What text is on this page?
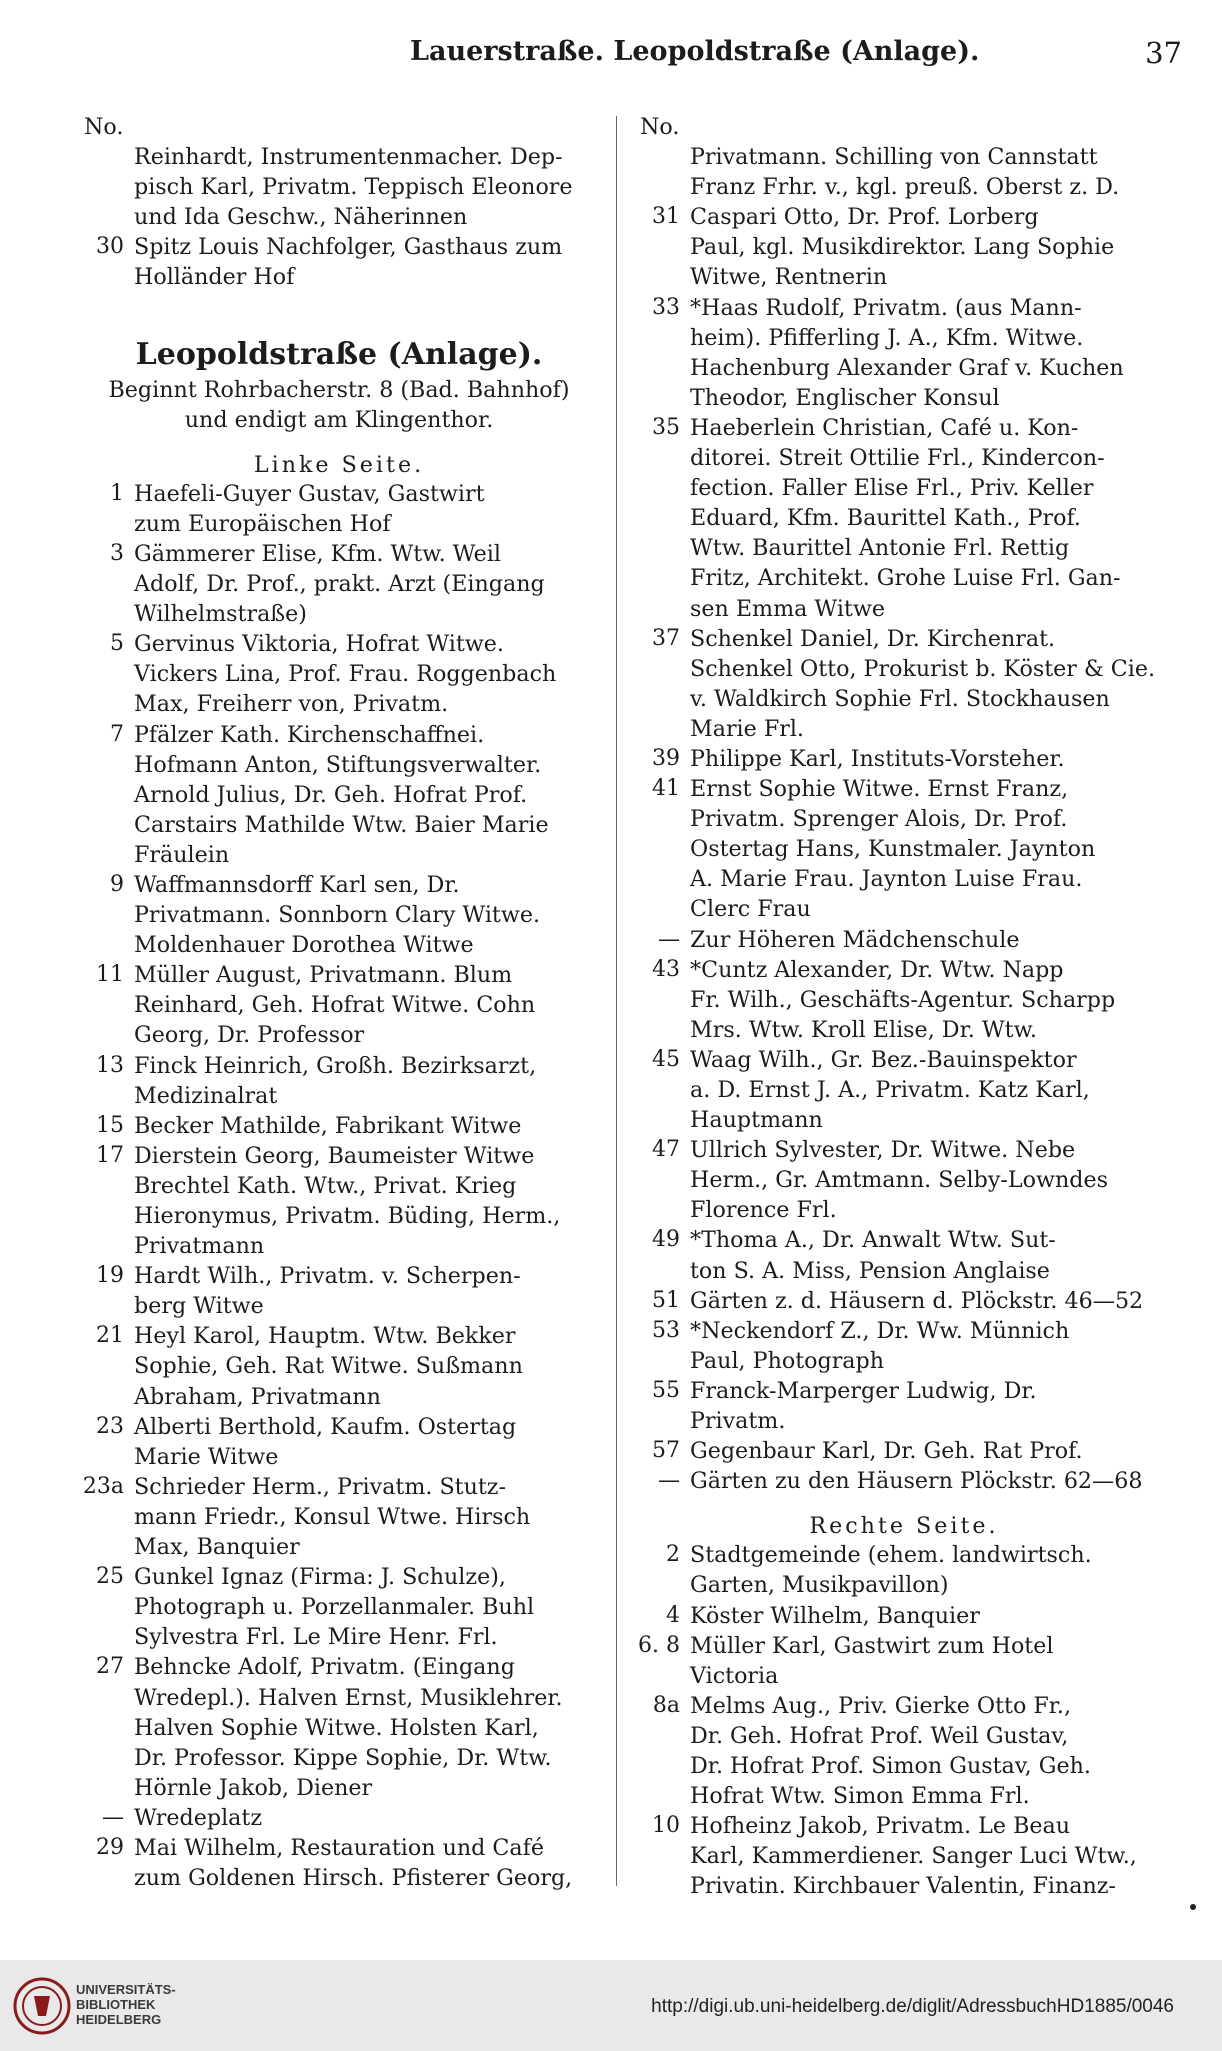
Lauerstraße. Leopoldstraße (Anlage).	37
No.
Reinhardt, Instrumentenmacher. Dep-
pisch Karl, Privatm. Teppisch Eleonore
und Ida Geschw., Näherinnen
30 Spitz Louis Nachfolger, Gasthaus zum
Holländer Hof
Leopoldstraße (Anlage).
Beginnt Rohrbacherstr. 8 (Bad. Bahnhof)
und endigt am Klingenthor.
Linke Seite.
1 Haefeli-Guyer Gustav, Gastwirt
zum Europäischen Hof
3 Gämmerer Elise, Kfm. Wtw. Weil
Adolf, Dr. Prof., prakt. Arzt (Eingang
Wilhelmstraße)
5 Gervinus Viktoria, Hofrat Witwe.
Vickers Lina, Prof. Frau. Roggenbach
Max, Freiherr von, Privatm.
7 Pfälzer Kath. Kirchenschaffnei.
Hofmann Anton, Stiftungsverwalter.
Arnold Julius, Dr. Geh. Hofrat Prof.
Carstairs Mathilde Wtw. Baier Marie
Fräulein
9 Waffmannsdorff Karl sen, Dr.
Privatmann. Sonnborn Clary Witwe.
Moldenhauer Dorothea Witwe
11 Müller August, Privatmann. Blum
Reinhard, Geh. Hofrat Witwe. Cohn
Georg, Dr. Professor
13 Finck Heinrich, Großh. Bezirksarzt,
Medizinalrat
15 Becker Mathilde, Fabrikant Witwe
17 Dierstein Georg, Baumeister Witwe
Brechtel Kath. Wtw., Privat. Krieg
Hieronymus, Privatm. Büding, Herm.,
Privatmann
19 Hardt Wilh., Privatm. v. Scherpen-
berg Witwe
21 Heyl Karol, Hauptm. Wtw. Bekker
Sophie, Geh. Rat Witwe. Sußmann
Abraham, Privatmann
23 Alberti Berthold, Kaufm. Ostertag
Marie Witwe
23a Schrieder Herm., Privatm. Stutz-
mann Friedr., Konsul Wtwe. Hirsch
Max, Banquier
25 Gunkel Ignaz (Firma: J. Schulze),
Photograph u. Porzellanmaler. Buhl
Sylvestra Frl. Le Mire Henr. Frl.
27 Behncke Adolf, Privatm. (Eingang
Wredepl.). Halven Ernst, Musiklehrer.
Halven Sophie Witwe. Holsten Karl,
Dr. Professor. Kippe Sophie, Dr. Wtw.
Hörnle Jakob, Diener
— Wredeplatz
29 Mai Wilhelm, Restauration und Café
zum Goldenen Hirsch. Pfisterer Georg,
No.
Privatmann. Schilling von Cannstatt
Franz Frhr. v., kgl. preuß. Oberst z. D.
31 Caspari Otto, Dr. Prof. Lorberg
Paul, kgl. Musikdirektor. Lang Sophie
Witwe, Rentnerin
33 *Haas Rudolf, Privatm. (aus Mann-
heim). Pfifferling J. A., Kfm. Witwe.
Hachenburg Alexander Graf v. Kuchen
Theodor, Englischer Konsul
35 Haeberlein Christian, Café u. Kon-
ditorei. Streit Ottilie Frl., Kindercon-
fection. Faller Elise Frl., Priv. Keller
Eduard, Kfm. Baurittel Kath., Prof.
Wtw. Baurittel Antonie Frl. Rettig
Fritz, Architekt. Grohe Luise Frl. Gan-
sen Emma Witwe
37 Schenkel Daniel, Dr. Kirchenrat.
Schenkel Otto, Prokurist b. Köster & Cie.
v. Waldkirch Sophie Frl. Stockhausen
Marie Frl.
39 Philippe Karl, Instituts-Vorsteher.
41 Ernst Sophie Witwe. Ernst Franz,
Privatm. Sprenger Alois, Dr. Prof.
Ostertag Hans, Kunstmaler. Jaynton
A. Marie Frau. Jaynton Luise Frau.
Clerc Frau
— Zur Höheren Mädchenschule
43 *Cuntz Alexander, Dr. Wtw. Napp
Fr. Wilh., Geschäfts-Agentur. Scharpp
Mrs. Wtw. Kroll Elise, Dr. Wtw.
45 Waag Wilh., Gr. Bez.-Bauinspektor
a. D. Ernst J. A., Privatm. Katz Karl,
Hauptmann
47 Ullrich Sylvester, Dr. Witwe. Nebe
Herm., Gr. Amtmann. Selby-Lowndes
Florence Frl.
49 *Thoma A., Dr. Anwalt Wtw. Sut-
ton S. A. Miss, Pension Anglaise
51 Gärten z. d. Häusern d. Plöckstr. 46—52
53 *Neckendorf Z., Dr. Ww. Münnich
Paul, Photograph
55 Franck-Marperger Ludwig, Dr.
Privatm.
57 Gegenbaur Karl, Dr. Geh. Rat Prof.
— Gärten zu den Häusern Plöckstr. 62—68
Rechte Seite.
2 Stadtgemeinde (ehem. landwirtsch.
Garten, Musikpavillon)
4 Köster Wilhelm, Banquier
6. 8 Müller Karl, Gastwirt zum Hotel
Victoria
8a Melms Aug., Priv. Gierke Otto Fr.,
Dr. Geh. Hofrat Prof. Weil Gustav,
Dr. Hofrat Prof. Simon Gustav, Geh.
Hofrat Wtw. Simon Emma Frl.
10 Hofheinz Jakob, Privatm. Le Beau
Karl, Kammerdiener. Sanger Luci Wtw.,
Privatin. Kirchbauer Valentin, Finanz-
UNIVERSITÄTS-
BIBLIOTHEK
HEIDELBERG
http://digi.ub.uni-heidelberg.de/diglit/AdressbuchHD1885/0046
